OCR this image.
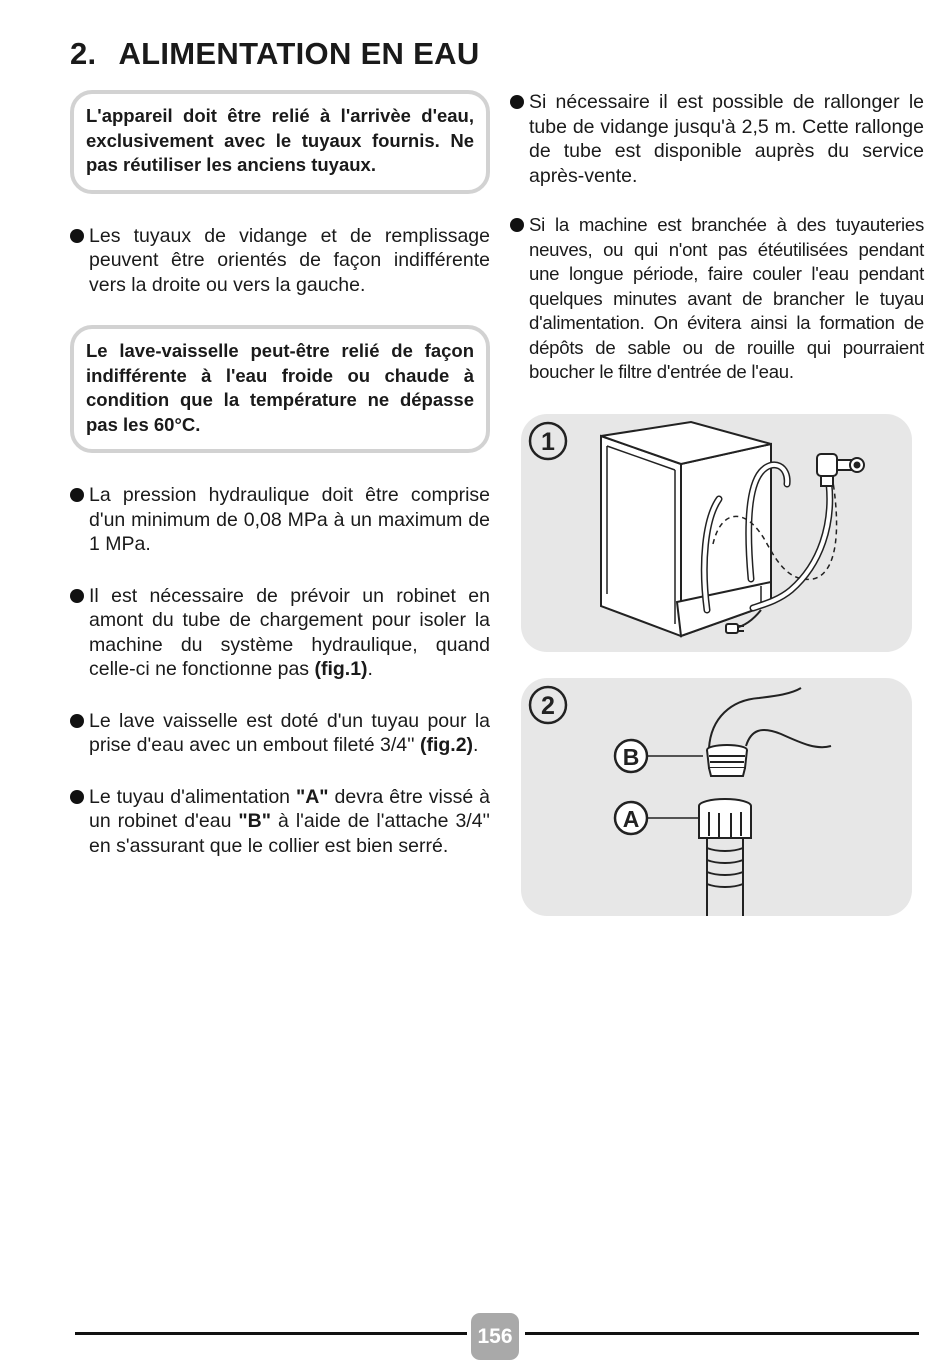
2. ALIMENTATION EN EAU

L'appareil doit être relié à l'arrivèe d'eau, exclusivement avec le tuyaux fournis. Ne pas réutiliser les anciens tuyaux.

Les tuyaux de vidange et de remplissage peuvent être orientés de façon indifférente vers la droite ou vers la gauche.

Le lave-vaisselle peut-être relié de façon indifférente à l'eau froide ou chaude à condition que la température ne dépasse pas les 60°C.

La pression hydraulique doit être comprise d'un minimum de 0,08 MPa à un maximum de 1 MPa.

Il est nécessaire de prévoir un robinet en amont du tube de chargement pour isoler la machine du système hydraulique, quand celle-ci ne fonctionne pas (fig.1).

Le lave vaisselle est doté d'un tuyau pour la prise d'eau avec un embout fileté 3/4'' (fig.2).

Le tuyau d'alimentation "A" devra être vissé à un robinet d'eau "B" à l'aide de l'attache 3/4'' en s'assurant que le collier est bien serré.

Si nécessaire il est possible de rallonger le tube de vidange jusqu'à 2,5 m. Cette rallonge de tube est disponible auprès du service après-vente.

Si la machine est branchée à des tuyauteries neuves, ou qui n'ont pas étéutilisées pendant une longue période, faire couler l'eau pendant quelques minutes avant de brancher le tuyau d'alimentation. On évitera ainsi la formation de dépôts de sable ou de rouille qui pourraient boucher le filtre d'entrée de l'eau.

1
2
B
A
156
